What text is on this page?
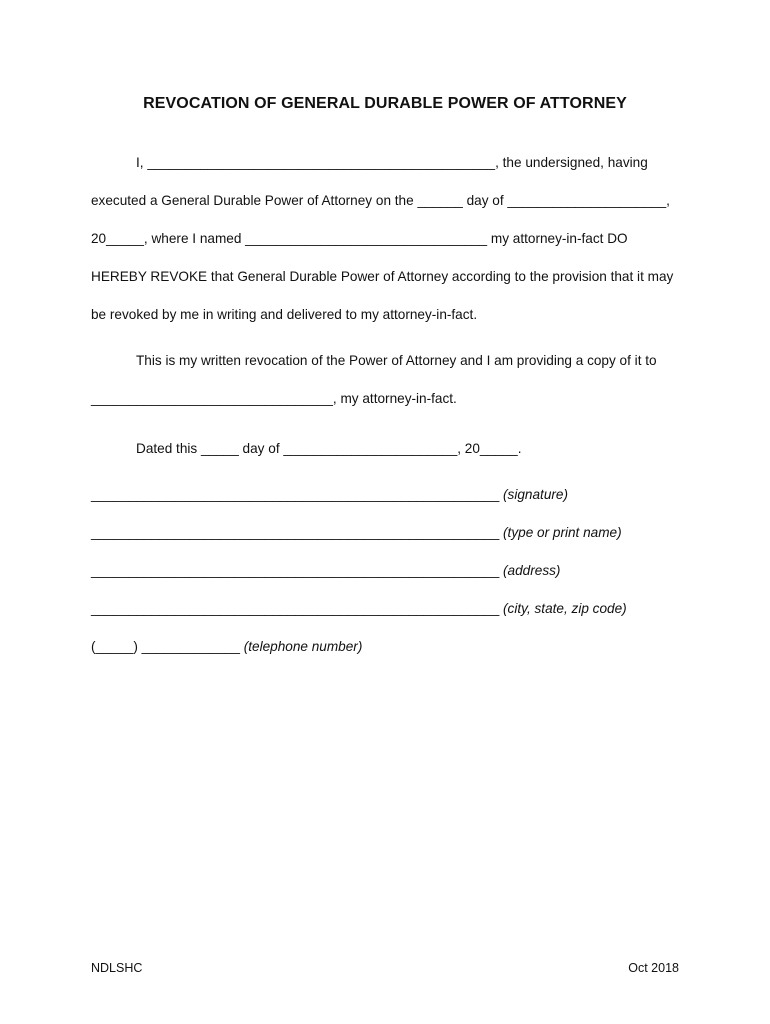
REVOCATION OF GENERAL DURABLE POWER OF ATTORNEY
I, ______________________________________________, the undersigned, having
executed a General Durable Power of Attorney on the ______ day of _____________________,
20_____, where I named ________________________________ my attorney-in-fact DO
HEREBY REVOKE that General Durable Power of Attorney according to the provision that it may
be revoked by me in writing and delivered to my attorney-in-fact.
This is my written revocation of the Power of Attorney and I am providing a copy of it to
________________________________, my attorney-in-fact.
Dated this _____ day of _______________________, 20_____.
______________________________________________________ (signature)
______________________________________________________ (type or print name)
______________________________________________________ (address)
______________________________________________________ (city, state, zip code)
(_____) _____________ (telephone number)
NDLSHC	Oct 2018
